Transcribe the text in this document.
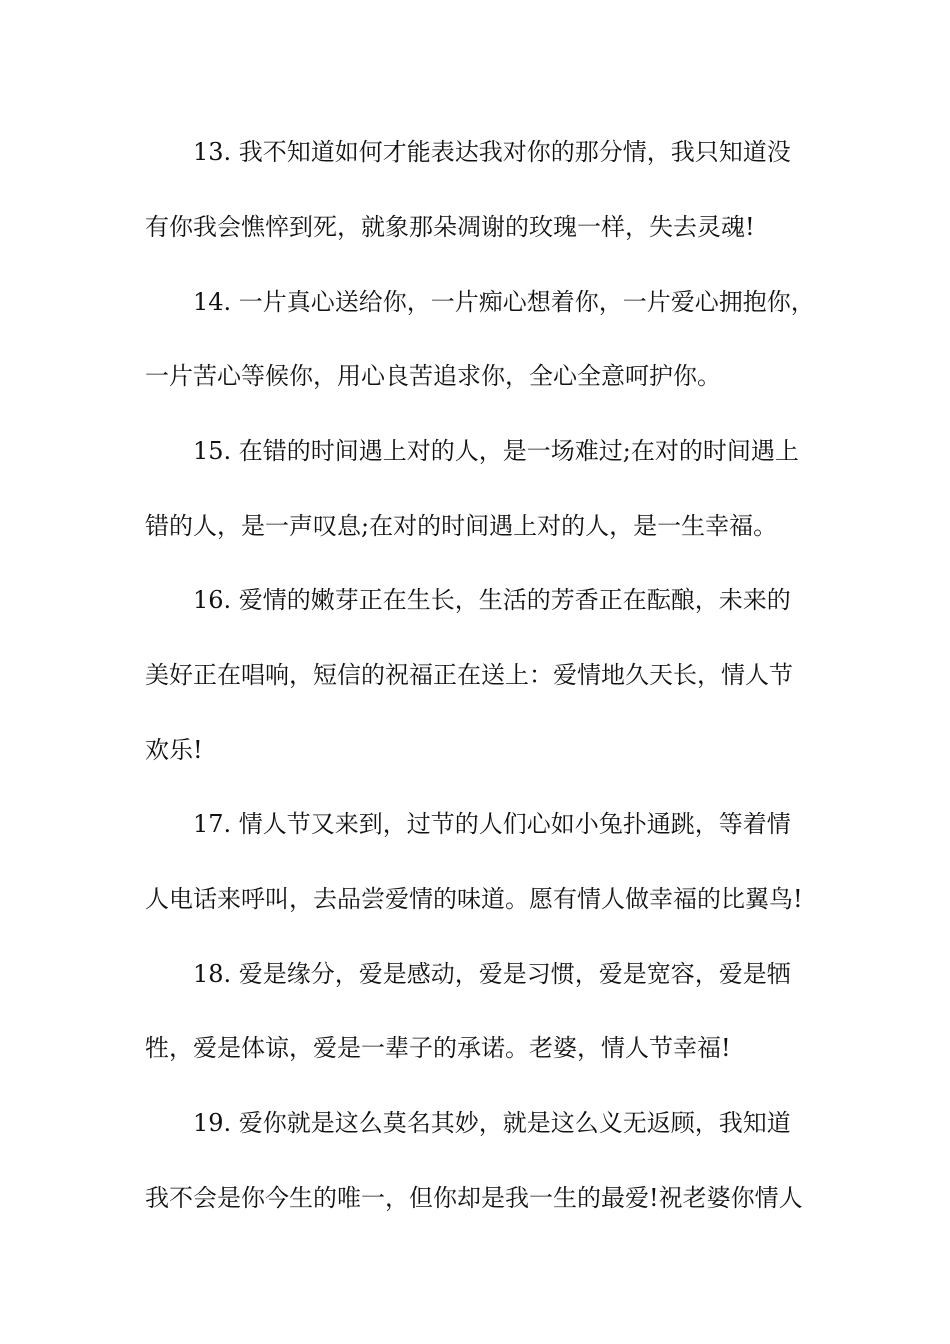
13. 我不知道如何才能表达我对你的那分情，我只知道没
有你我会憔悴到死，就象那朵凋谢的玫瑰一样，失去灵魂!
14. 一片真心送给你，一片痴心想着你，一片爱心拥抱你，
一片苦心等候你，用心良苦追求你，全心全意呵护你。
15. 在错的时间遇上对的人，是一场难过;在对的时间遇上
错的人，是一声叹息;在对的时间遇上对的人，是一生幸福。
16. 爱情的嫩芽正在生长，生活的芳香正在酝酿，未来的
美好正在唱响，短信的祝福正在送上：爱情地久天长，情人节
欢乐!
17. 情人节又来到，过节的人们心如小兔扑通跳，等着情
人电话来呼叫，去品尝爱情的味道。愿有情人做幸福的比翼鸟!
18. 爱是缘分，爱是感动，爱是习惯，爱是宽容，爱是牺
牲，爱是体谅，爱是一辈子的承诺。老婆，情人节幸福!
19. 爱你就是这么莫名其妙，就是这么义无返顾，我知道
我不会是你今生的唯一，但你却是我一生的最爱!祝老婆你情人
